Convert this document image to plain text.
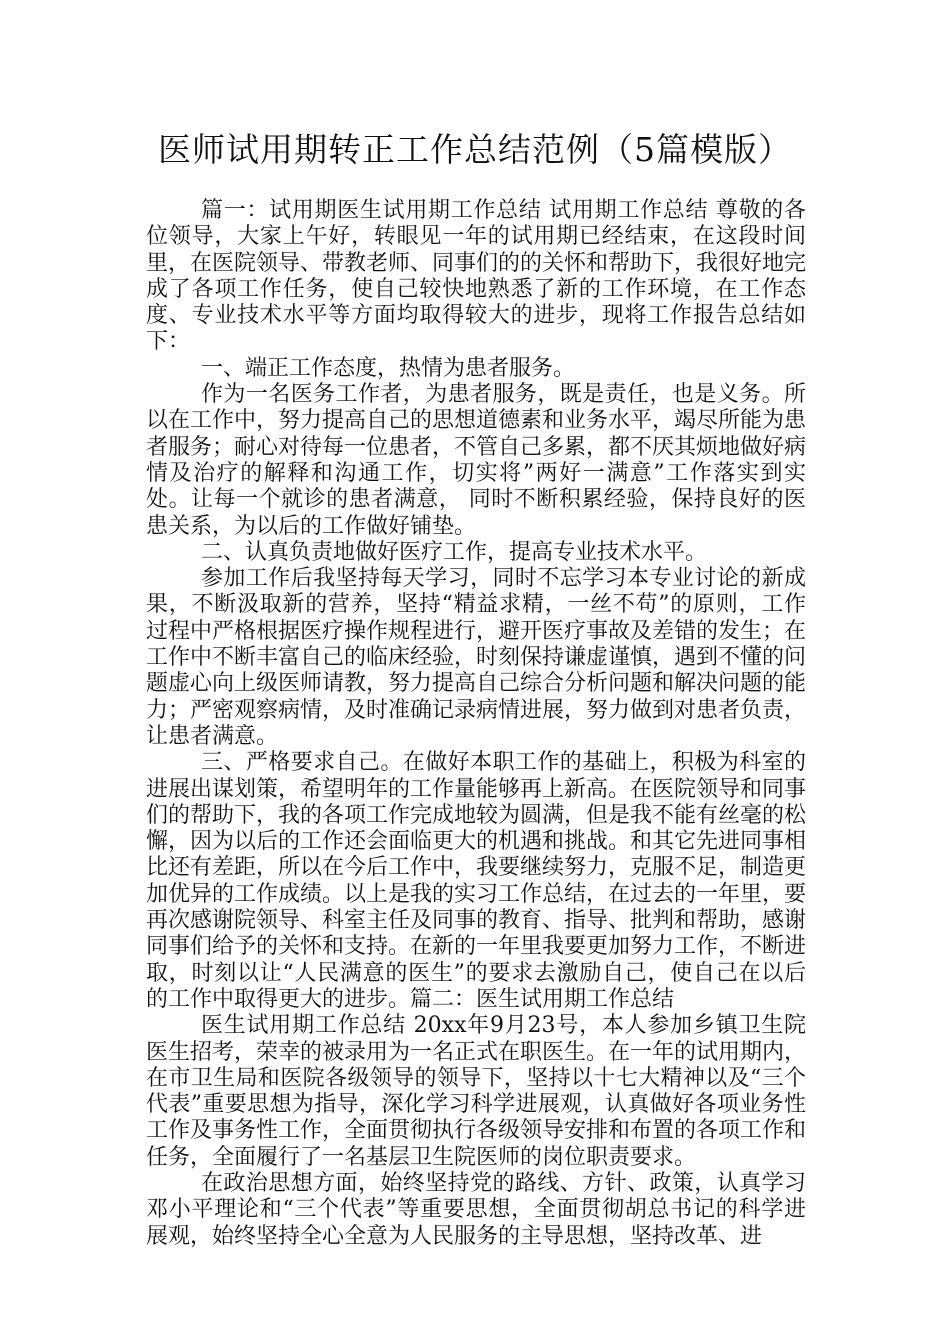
医师试用期转正工作总结范例（5篇模版）

篇一：试用期医生试用期工作总结 试用期工作总结 尊敬的各位领导，大家上午好，转眼见一年的试用期已经结束，在这段时间里，在医院领导、带教老师、同事们的的关怀和帮助下，我很好地完成了各项工作任务，使自己较快地熟悉了新的工作环境，在工作态度、专业技术水平等方面均取得较大的进步，现将工作报告总结如下：

一、端正工作态度，热情为患者服务。

作为一名医务工作者，为患者服务，既是责任，也是义务。所以在工作中，努力提高自己的思想道德素和业务水平，竭尽所能为患者服务；耐心对待每一位患者，不管自己多累，都不厌其烦地做好病情及治疗的解释和沟通工作，切实将”两好一满意”工作落实到实处。让每一个就诊的患者满意， 同时不断积累经验，保持良好的医患关系，为以后的工作做好铺垫。

二、认真负责地做好医疗工作，提高专业技术水平。

参加工作后我坚持每天学习，同时不忘学习本专业讨论的新成果，不断汲取新的营养，坚持“精益求精，一丝不苟”的原则，工作过程中严格根据医疗操作规程进行，避开医疗事故及差错的发生；在工作中不断丰富自己的临床经验，时刻保持谦虚谨慎，遇到不懂的问题虚心向上级医师请教，努力提高自己综合分析问题和解决问题的能力；严密观察病情，及时准确记录病情进展，努力做到对患者负责，让患者满意。

三、严格要求自己。在做好本职工作的基础上，积极为科室的进展出谋划策，希望明年的工作量能够再上新高。在医院领导和同事们的帮助下，我的各项工作完成地较为圆满，但是我不能有丝毫的松懈，因为以后的工作还会面临更大的机遇和挑战。和其它先进同事相比还有差距，所以在今后工作中，我要继续努力，克服不足，制造更加优异的工作成绩。以上是我的实习工作总结，在过去的一年里，要再次感谢院领导、科室主任及同事的教育、指导、批判和帮助，感谢同事们给予的关怀和支持。在新的一年里我要更加努力工作，不断进取，时刻以让“人民满意的医生”的要求去激励自己，使自己在以后的工作中取得更大的进步。篇二：医生试用期工作总结

医生试用期工作总结 20xx年9月23号，本人参加乡镇卫生院医生招考，荣幸的被录用为一名正式在职医生。在一年的试用期内，在市卫生局和医院各级领导的领导下，坚持以十七大精神以及“三个代表”重要思想为指导，深化学习科学进展观，认真做好各项业务性工作及事务性工作，全面贯彻执行各级领导安排和布置的各项工作和任务，全面履行了一名基层卫生院医师的岗位职责要求。

在政治思想方面，始终坚持党的路线、方针、政策，认真学习邓小平理论和“三个代表”等重要思想，全面贯彻胡总书记的科学进展观，始终坚持全心全意为人民服务的主导思想，坚持改革、进
